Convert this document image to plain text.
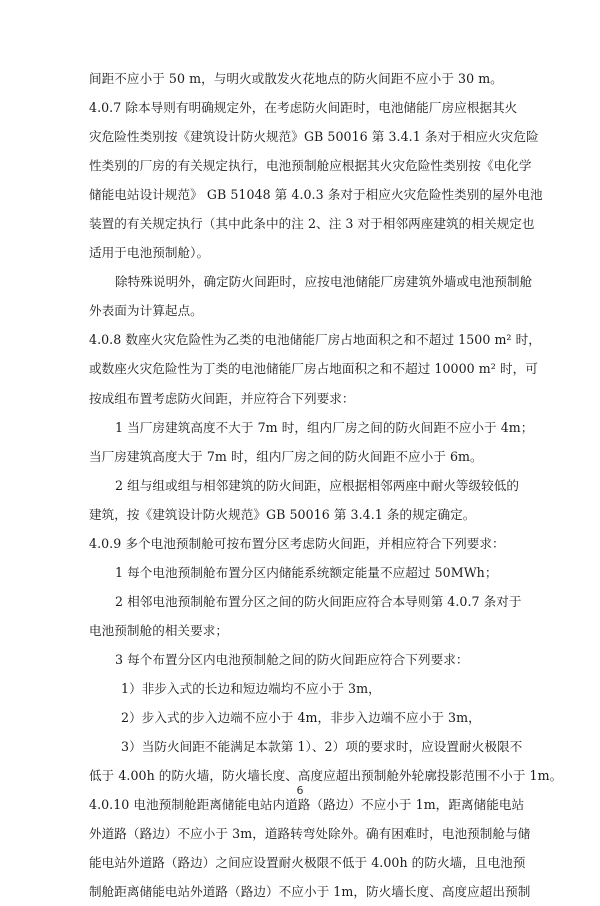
间距不应小于 50 m，与明火或散发火花地点的防火间距不应小于 30 m。
4.0.7 除本导则有明确规定外，在考虑防火间距时，电池储能厂房应根据其火
灾危险性类别按《建筑设计防火规范》GB 50016 第 3.4.1 条对于相应火灾危险
性类别的厂房的有关规定执行，电池预制舱应根据其火灾危险性类别按《电化学
储能电站设计规范》 GB 51048 第 4.0.3 条对于相应火灾危险性类别的屋外电池
装置的有关规定执行（其中此条中的注 2、注 3 对于相邻两座建筑的相关规定也
适用于电池预制舱）。
除特殊说明外，确定防火间距时，应按电池储能厂房建筑外墙或电池预制舱
外表面为计算起点。
4.0.8 数座火灾危险性为乙类的电池储能厂房占地面积之和不超过 1500 m² 时，
或数座火灾危险性为丁类的电池储能厂房占地面积之和不超过 10000 m² 时，可
按成组布置考虑防火间距，并应符合下列要求：
1 当厂房建筑高度不大于 7m 时，组内厂房之间的防火间距不应小于 4m；
当厂房建筑高度大于 7m 时，组内厂房之间的防火间距不应小于 6m。
2 组与组或组与相邻建筑的防火间距，应根据相邻两座中耐火等级较低的
建筑，按《建筑设计防火规范》GB 50016 第 3.4.1 条的规定确定。
4.0.9 多个电池预制舱可按布置分区考虑防火间距，并相应符合下列要求：
1 每个电池预制舱布置分区内储能系统额定能量不应超过 50MWh；
2 相邻电池预制舱布置分区之间的防火间距应符合本导则第 4.0.7 条对于
电池预制舱的相关要求；
3 每个布置分区内电池预制舱之间的防火间距应符合下列要求：
1）非步入式的长边和短边端均不应小于 3m，
2）步入式的步入边端不应小于 4m，非步入边端不应小于 3m，
3）当防火间距不能满足本款第 1）、2）项的要求时，应设置耐火极限不
低于 4.00h 的防火墙，防火墙长度、高度应超出预制舱外轮廓投影范围不小于 1m。
4.0.10 电池预制舱距离储能电站内道路（路边）不应小于 1m，距离储能电站
外道路（路边）不应小于 3m，道路转弯处除外。确有困难时，电池预制舱与储
能电站外道路（路边）之间应设置耐火极限不低于 4.00h 的防火墙，且电池预
制舱距离储能电站外道路（路边）不应小于 1m，防火墙长度、高度应超出预制
6
